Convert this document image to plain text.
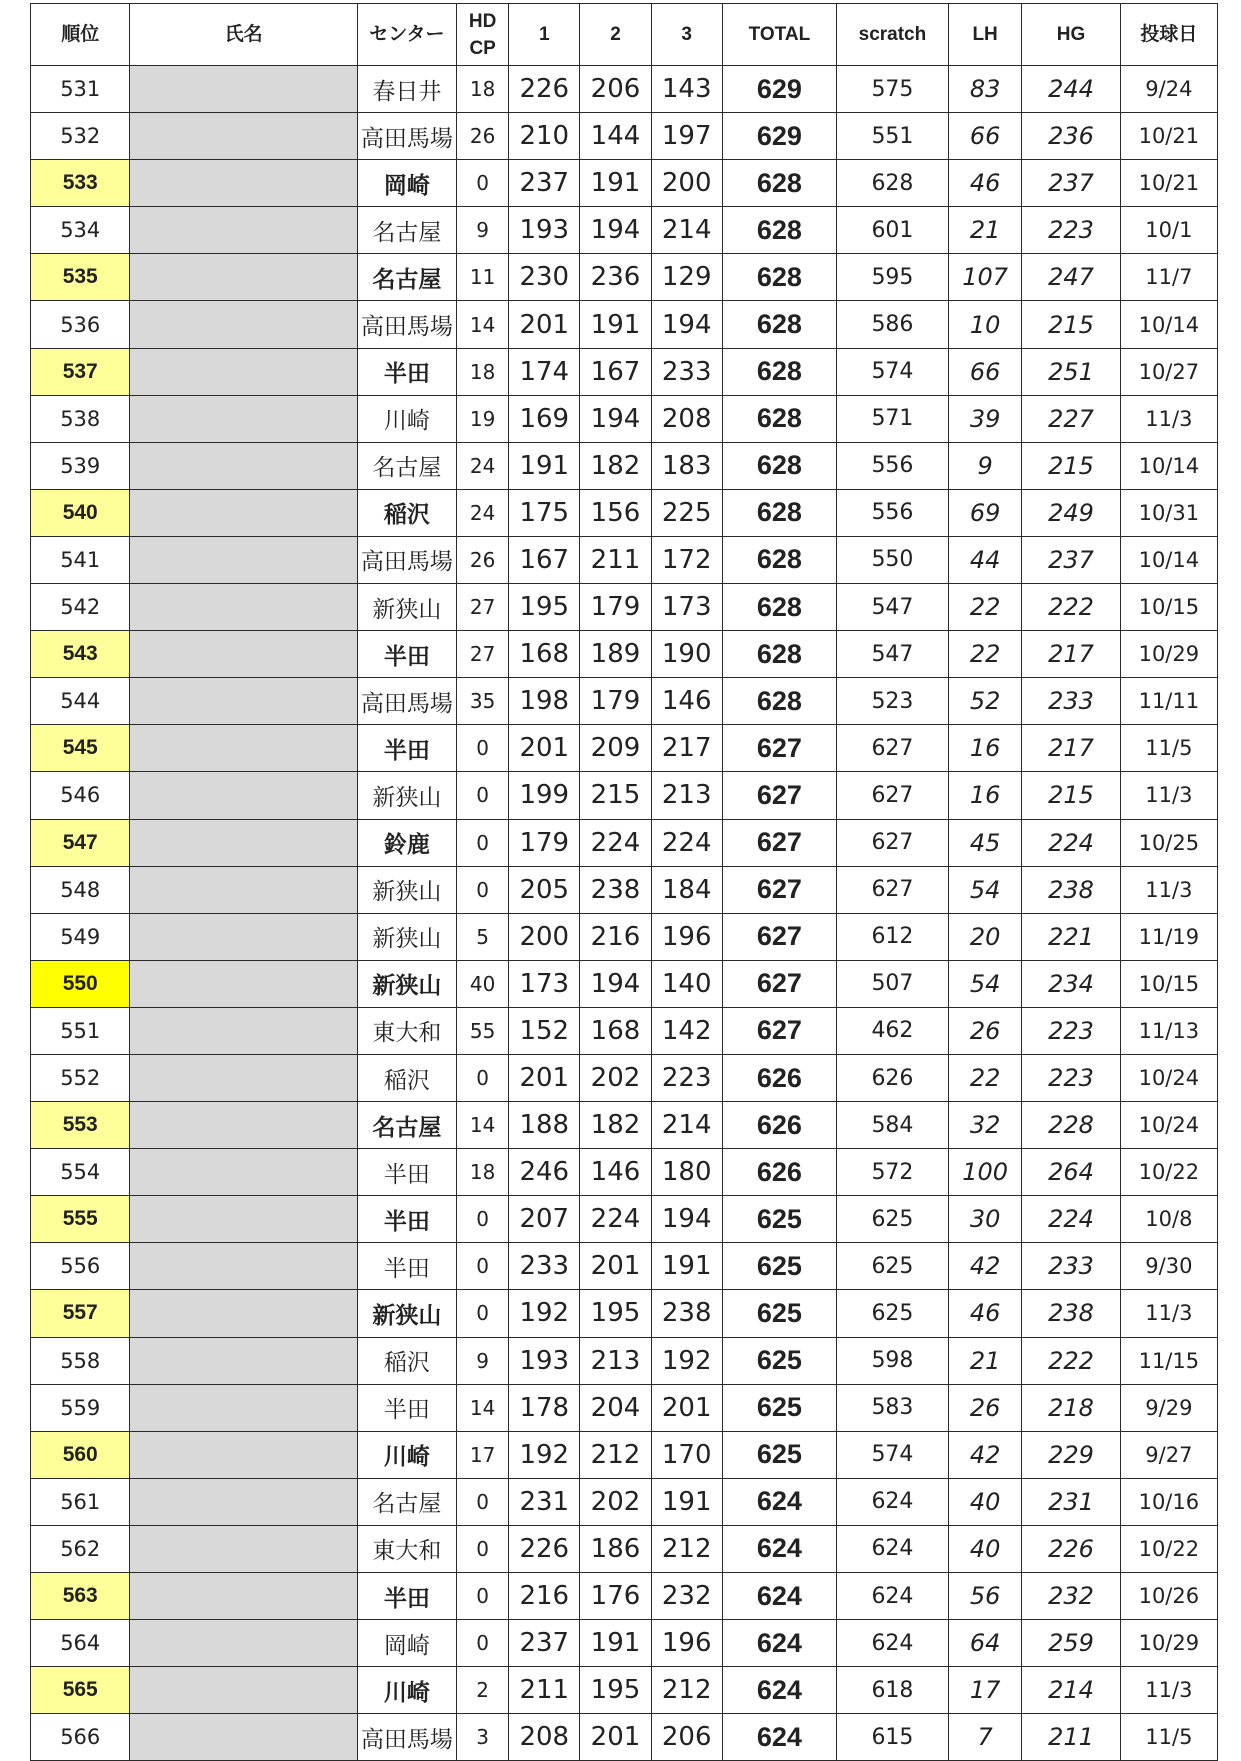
順位	氏名	センター	HD
CP	1	2	3	TOTAL	scratch	LH	HG	投球日
531		春日井	18	226	206	143	629	575	83	244	9/24
532		高田馬場	26	210	144	197	629	551	66	236	10/21
533		岡崎	0	237	191	200	628	628	46	237	10/21
534		名古屋	9	193	194	214	628	601	21	223	10/1
535		名古屋	11	230	236	129	628	595	107	247	11/7
536		高田馬場	14	201	191	194	628	586	10	215	10/14
537		半田	18	174	167	233	628	574	66	251	10/27
538		川崎	19	169	194	208	628	571	39	227	11/3
539		名古屋	24	191	182	183	628	556	9	215	10/14
540		稲沢	24	175	156	225	628	556	69	249	10/31
541		高田馬場	26	167	211	172	628	550	44	237	10/14
542		新狭山	27	195	179	173	628	547	22	222	10/15
543		半田	27	168	189	190	628	547	22	217	10/29
544		高田馬場	35	198	179	146	628	523	52	233	11/11
545		半田	0	201	209	217	627	627	16	217	11/5
546		新狭山	0	199	215	213	627	627	16	215	11/3
547		鈴鹿	0	179	224	224	627	627	45	224	10/25
548		新狭山	0	205	238	184	627	627	54	238	11/3
549		新狭山	5	200	216	196	627	612	20	221	11/19
550		新狭山	40	173	194	140	627	507	54	234	10/15
551		東大和	55	152	168	142	627	462	26	223	11/13
552		稲沢	0	201	202	223	626	626	22	223	10/24
553		名古屋	14	188	182	214	626	584	32	228	10/24
554		半田	18	246	146	180	626	572	100	264	10/22
555		半田	0	207	224	194	625	625	30	224	10/8
556		半田	0	233	201	191	625	625	42	233	9/30
557		新狭山	0	192	195	238	625	625	46	238	11/3
558		稲沢	9	193	213	192	625	598	21	222	11/15
559		半田	14	178	204	201	625	583	26	218	9/29
560		川崎	17	192	212	170	625	574	42	229	9/27
561		名古屋	0	231	202	191	624	624	40	231	10/16
562		東大和	0	226	186	212	624	624	40	226	10/22
563		半田	0	216	176	232	624	624	56	232	10/26
564		岡崎	0	237	191	196	624	624	64	259	10/29
565		川崎	2	211	195	212	624	618	17	214	11/3
566		高田馬場	3	208	201	206	624	615	7	211	11/5
